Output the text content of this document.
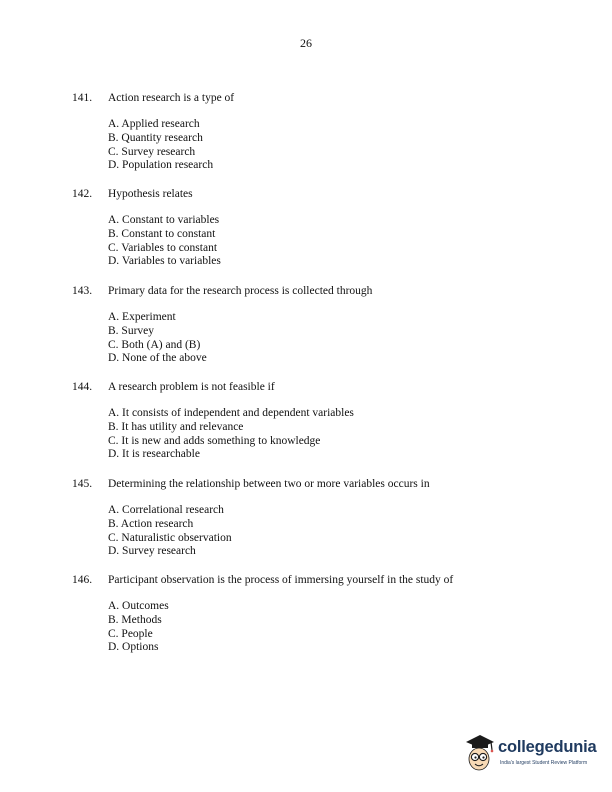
26
141.	Action research is a type of
A. Applied research
B. Quantity research
C. Survey research
D. Population research
142.	Hypothesis relates
A. Constant to variables
B. Constant to constant
C. Variables to constant
D. Variables to variables
143.	Primary data for the research process is collected through
A. Experiment
B. Survey
C. Both (A) and (B)
D. None of the above
144.	A research problem is not feasible if
A. It consists of independent and dependent variables
B. It has utility and relevance
C. It is new and adds something to knowledge
D. It is researchable
145.	Determining the relationship between two or more variables occurs in
A. Correlational research
B. Action research
C. Naturalistic observation
D. Survey research
146.	Participant observation is the process of immersing yourself in the study of
A. Outcomes
B. Methods
C. People
D. Options
collegedunia
India's largest Student Review Platform
